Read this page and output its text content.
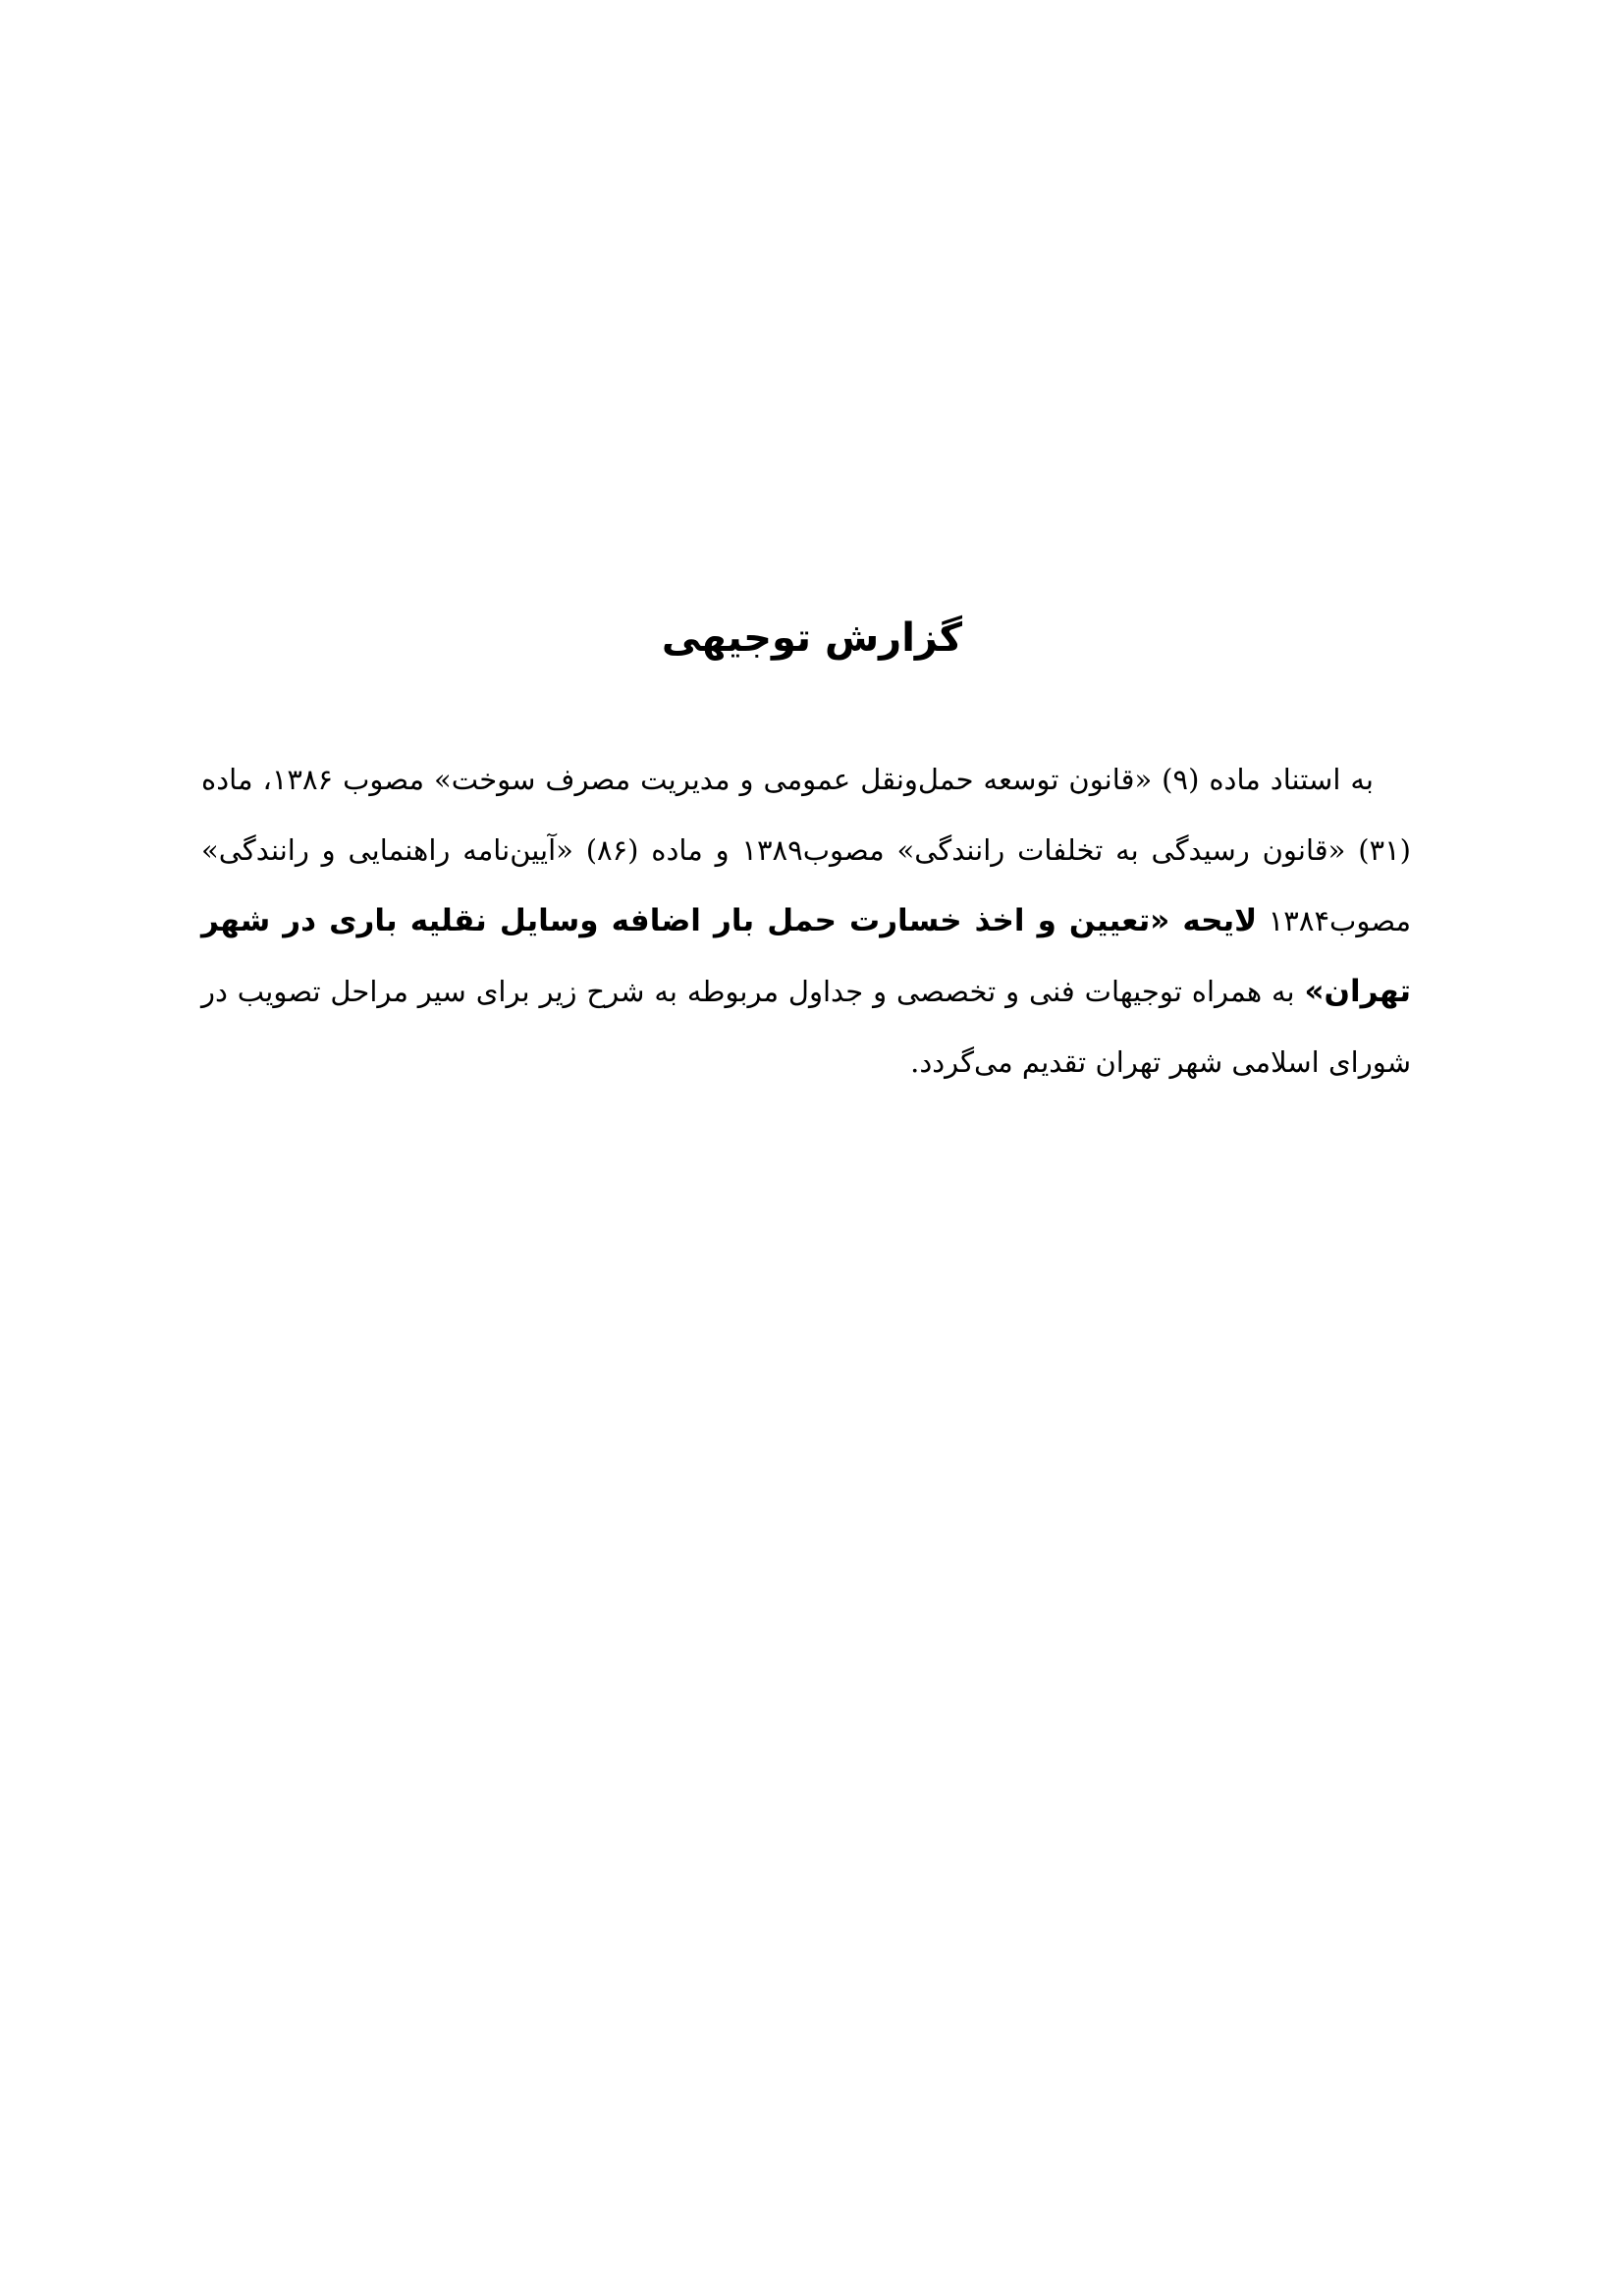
گزارش توجیهی

به استناد ماده (۹) «قانون توسعه حمل‌ونقل عمومی و مدیریت مصرف سوخت» مصوب ۱۳۸۶، ماده (۳۱) «قانون رسیدگی به تخلفات رانندگی» مصوب۱۳۸۹ و ماده (۸۶) «آیین‌نامه راهنمایی و رانندگی» مصوب۱۳۸۴ لایحه «تعیین و اخذ خسارت حمل بار اضافه وسایل نقلیه باری در شهر تهران» به همراه توجیهات فنی و تخصصی و جداول مربوطه به شرح زیر برای سیر مراحل تصویب در شورای اسلامی شهر تهران تقدیم می‌گردد.
